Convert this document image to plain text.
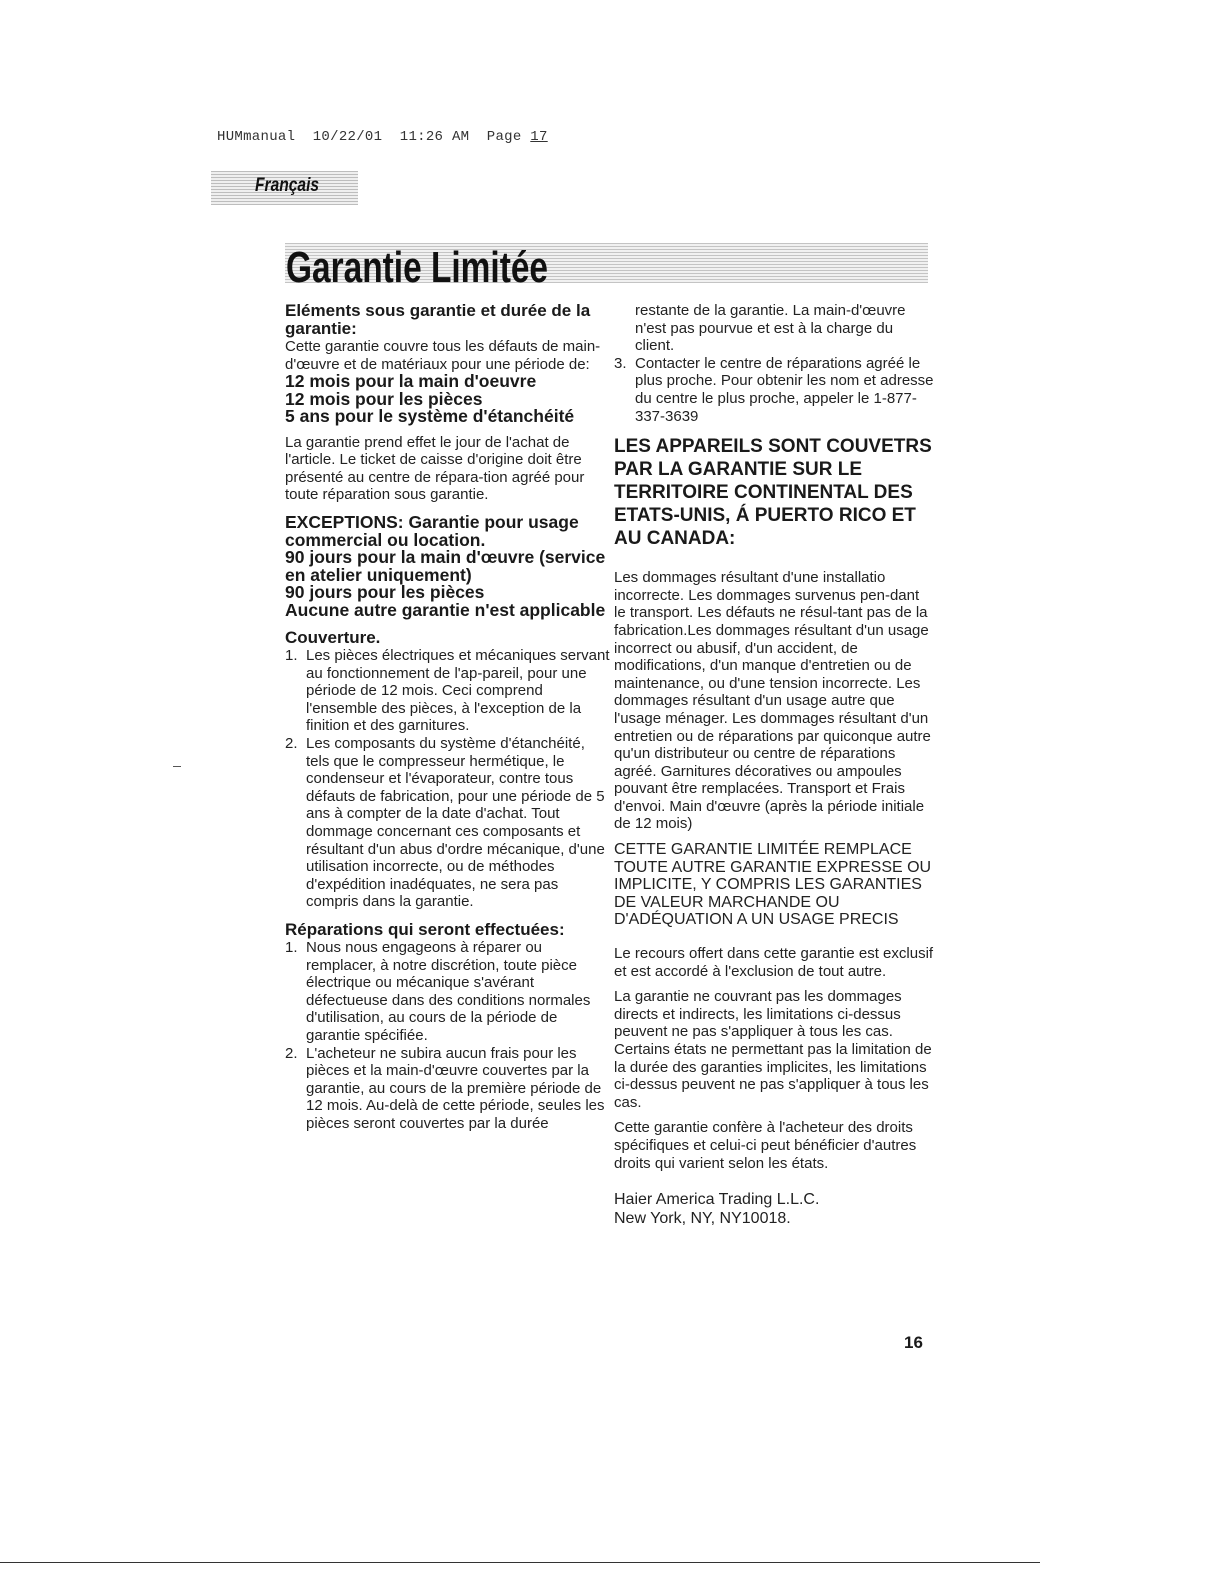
HUMmanual 10/22/01 11:26 AM Page 17
Français
Garantie Limitée

Eléments sous garantie et durée de la garantie:

Cette garantie couvre tous les défauts de main-d'œuvre et de matériaux pour une période de:

12 mois pour la main d'oeuvre
12 mois pour les pièces
5 ans pour le système d'étanchéité

La garantie prend effet le jour de l'achat de l'article. Le ticket de caisse d'origine doit être présenté au centre de répara-tion agréé pour toute réparation sous garantie.

EXCEPTIONS: Garantie pour usage commercial ou location.
90 jours pour la main d'œuvre (service en atelier uniquement)
90 jours pour les pièces
Aucune autre garantie n'est applicable

Couverture.

1. Les pièces électriques et mécaniques servant au fonctionnement de l'ap-pareil, pour une période de 12 mois. Ceci comprend l'ensemble des pièces, à l'exception de la finition et des garnitures.
2. Les composants du système d'étanchéité, tels que le compresseur hermétique, le condenseur et l'évaporateur, contre tous défauts de fabrication, pour une période de 5 ans à compter de la date d'achat. Tout dommage concernant ces composants et résultant d'un abus d'ordre mécanique, d'une utilisation incorrecte, ou de méthodes d'expédition inadéquates, ne sera pas compris dans la garantie.

Réparations qui seront effectuées:

1. Nous nous engageons à réparer ou remplacer, à notre discrétion, toute pièce électrique ou mécanique s'avérant défectueuse dans des conditions normales d'utilisation, au cours de la période de garantie spécifiée.
2. L'acheteur ne subira aucun frais pour les pièces et la main-d'œuvre couvertes par la garantie, au cours de la première période de 12 mois. Au-delà de cette période, seules les pièces seront couvertes par la durée

restante de la garantie. La main-d'œuvre n'est pas pourvue et est à la charge du client.

3. Contacter le centre de réparations agréé le plus proche. Pour obtenir les nom et adresse du centre le plus proche, appeler le 1-877-337-3639

LES APPAREILS SONT COUVETRS PAR LA GARANTIE SUR LE TERRITOIRE CONTINENTAL DES ETATS-UNIS, Á PUERTO RICO ET AU CANADA:

Les dommages résultant d'une installatio incorrecte. Les dommages survenus pen-dant le transport. Les défauts ne résul-tant pas de la fabrication.Les dommages résultant d'un usage incorrect ou abusif, d'un accident, de modifications, d'un manque d'entretien ou de maintenance, ou d'une tension incorrecte. Les dommages résultant d'un usage autre que l'usage ménager. Les dommages résultant d'un entretien ou de réparations par quiconque autre qu'un distributeur ou centre de réparations agréé. Garnitures décoratives ou ampoules pouvant être remplacées. Transport et Frais d'envoi. Main d'œuvre (après la période initiale de 12 mois)

CETTE GARANTIE LIMITÉE REMPLACE TOUTE AUTRE GARANTIE EXPRESSE OU IMPLICITE, Y COMPRIS LES GARANTIES DE VALEUR MARCHANDE OU D'ADÉQUATION A UN USAGE PRECIS

Le recours offert dans cette garantie est exclusif et est accordé à l'exclusion de tout autre.

La garantie ne couvrant pas les dommages directs et indirects, les limitations ci-dessus peuvent ne pas s'appliquer à tous les cas. Certains états ne permettant pas la limitation de la durée des garanties implicites, les limitations ci-dessus peuvent ne pas s'appliquer à tous les cas.

Cette garantie confère à l'acheteur des droits spécifiques et celui-ci peut bénéficier d'autres droits qui varient selon les états.

Haier America Trading L.L.C.
New York, NY, NY10018.
16
